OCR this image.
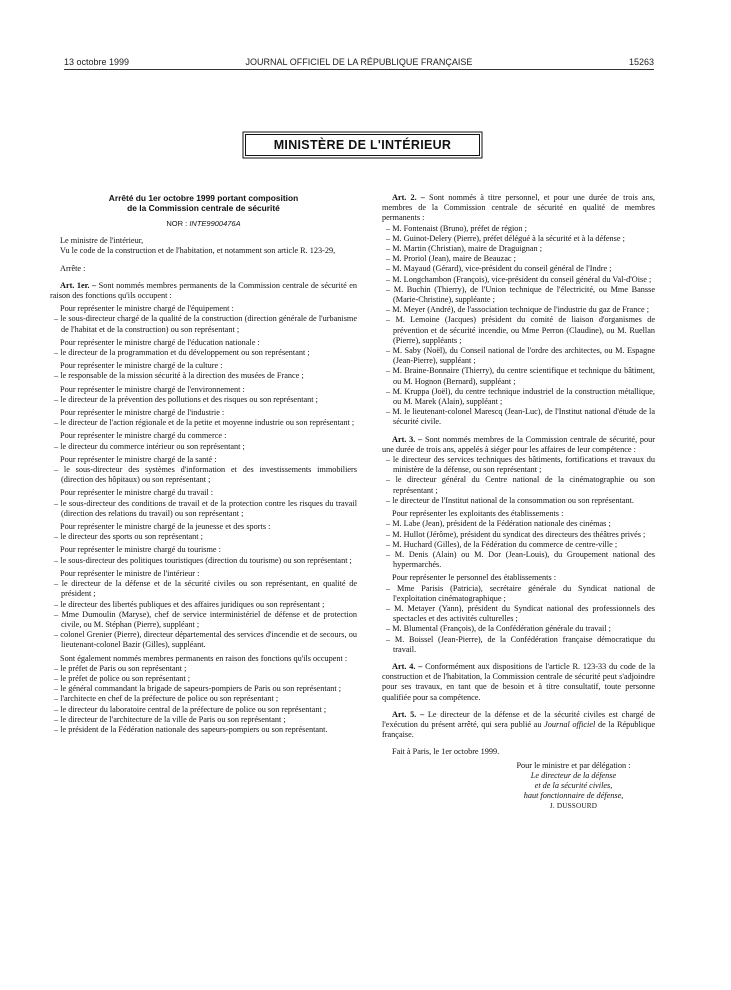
13 octobre 1999	JOURNAL OFFICIEL DE LA RÉPUBLIQUE FRANÇAISE	15263
MINISTÈRE DE L'INTÉRIEUR

Arrêté du 1er octobre 1999 portant composition

de la Commission centrale de sécurité

NOR : INTE9900476A

Le ministre de l'intérieur,

Vu le code de la construction et de l'habitation, et notamment son article R. 123-29,

Arrête :

Art. 1er. – Sont nommés membres permanents de la Commission centrale de sécurité en raison des fonctions qu'ils occupent :

Pour représenter le ministre chargé de l'équipement :

– le sous-directeur chargé de la qualité de la construction (direction générale de l'urbanisme de l'habitat et de la construction) ou son représentant ;

Pour représenter le ministre chargé de l'éducation nationale :

– le directeur de la programmation et du développement ou son représentant ;

Pour représenter le ministre chargé de la culture :

– le responsable de la mission sécurité à la direction des musées de France ;

Pour représenter le ministre chargé de l'environnement :

– le directeur de la prévention des pollutions et des risques ou son représentant ;

Pour représenter le ministre chargé de l'industrie :

– le directeur de l'action régionale et de la petite et moyenne industrie ou son représentant ;

Pour représenter le ministre chargé du commerce :

– le directeur du commerce intérieur ou son représentant ;

Pour représenter le ministre chargé de la santé :

– le sous-directeur des systèmes d'information et des investissements immobiliers (direction des hôpitaux) ou son représentant ;

Pour représenter le ministre chargé du travail :

– le sous-directeur des conditions de travail et de la protection contre les risques du travail (direction des relations du travail) ou son représentant ;

Pour représenter le ministre chargé de la jeunesse et des sports :

– le directeur des sports ou son représentant ;

Pour représenter le ministre chargé du tourisme :

– le sous-directeur des politiques touristiques (direction du tourisme) ou son représentant ;

Pour représenter le ministre de l'intérieur :

– le directeur de la défense et de la sécurité civiles ou son représentant, en qualité de président ;

– le directeur des libertés publiques et des affaires juridiques ou son représentant ;

– Mme Dumoulin (Maryse), chef de service interministériel de défense et de protection civile, ou M. Stéphan (Pierre), suppléant ;

– colonel Grenier (Pierre), directeur départemental des services d'incendie et de secours, ou lieutenant-colonel Bazir (Gilles), suppléant.

Sont également nommés membres permanents en raison des fonctions qu'ils occupent :

– le préfet de Paris ou son représentant ;

– le préfet de police ou son représentant ;

– le général commandant la brigade de sapeurs-pompiers de Paris ou son représentant ;

– l'architecte en chef de la préfecture de police ou son représentant ;

– le directeur du laboratoire central de la préfecture de police ou son représentant ;

– le directeur de l'architecture de la ville de Paris ou son représentant ;

– le président de la Fédération nationale des sapeurs-pompiers ou son représentant.

Art. 2. – Sont nommés à titre personnel, et pour une durée de trois ans, membres de la Commission centrale de sécurité en qualité de membres permanents :

– M. Fontenaist (Bruno), préfet de région ;

– M. Guinot-Delery (Pierre), préfet délégué à la sécurité et à la défense ;

– M. Martin (Christian), maire de Draguignan ;

– M. Proriol (Jean), maire de Beauzac ;

– M. Mayaud (Gérard), vice-président du conseil général de l'Indre ;

– M. Longchambon (François), vice-président du conseil général du Val-d'Oise ;

– M. Buchin (Thierry), de l'Union technique de l'électricité, ou Mme Bansse (Marie-Christine), suppléante ;

– M. Meyer (André), de l'association technique de l'industrie du gaz de France ;

– M. Lemoine (Jacques) président du comité de liaison d'organismes de prévention et de sécurité incendie, ou Mme Perron (Claudine), ou M. Ruellan (Pierre), suppléants ;

– M. Saby (Noël), du Conseil national de l'ordre des architectes, ou M. Espagne (Jean-Pierre), suppléant ;

– M. Braine-Bonnaire (Thierry), du centre scientifique et technique du bâtiment, ou M. Hognon (Bernard), suppléant ;

– M. Kruppa (Joël), du centre technique industriel de la construction métallique, ou M. Marek (Alain), suppléant ;

– M. le lieutenant-colonel Marescq (Jean-Luc), de l'Institut national d'étude de la sécurité civile.

Art. 3. – Sont nommés membres de la Commission centrale de sécurité, pour une durée de trois ans, appelés à siéger pour les affaires de leur compétence :

– le directeur des services techniques des bâtiments, fortifications et travaux du ministère de la défense, ou son représentant ;

– le directeur général du Centre national de la cinématographie ou son représentant ;

– le directeur de l'Institut national de la consommation ou son représentant.

Pour représenter les exploitants des établissements :

– M. Labe (Jean), président de la Fédération nationale des cinémas ;

– M. Hullot (Jérôme), président du syndicat des directeurs des théâtres privés ;

– M. Huchard (Gilles), de la Fédération du commerce de centre-ville ;

– M. Denis (Alain) ou M. Dor (Jean-Louis), du Groupement national des hypermarchés.

Pour représenter le personnel des établissements :

– Mme Parisis (Patricia), secrétaire générale du Syndicat national de l'exploitation cinématographique ;

– M. Metayer (Yann), président du Syndicat national des professionnels des spectacles et des activités culturelles ;

– M. Blumental (François), de la Confédération générale du travail ;

– M. Boissel (Jean-Pierre), de la Confédération française démocratique du travail.

Art. 4. – Conformément aux dispositions de l'article R. 123-33 du code de la construction et de l'habitation, la Commission centrale de sécurité peut s'adjoindre pour ses travaux, en tant que de besoin et à titre consultatif, toute personne qualifiée pour sa compétence.

Art. 5. – Le directeur de la défense et de la sécurité civiles est chargé de l'exécution du présent arrêté, qui sera publié au Journal officiel de la République française.

Fait à Paris, le 1er octobre 1999.

Pour le ministre et par délégation :

Le directeur de la défense

et de la sécurité civiles,

haut fonctionnaire de défense,

J. DUSSOURD
